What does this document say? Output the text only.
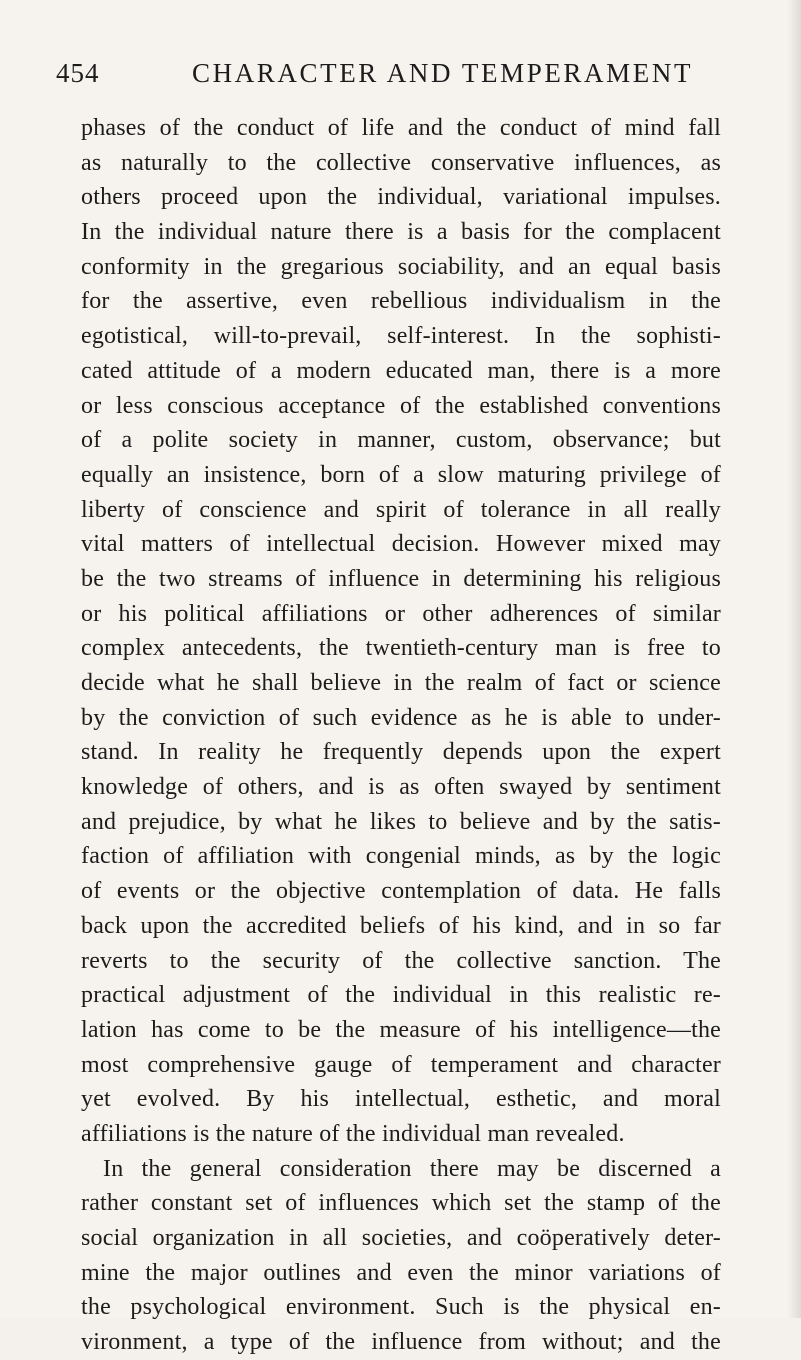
454	CHARACTER AND TEMPERAMENT
phases of the conduct of life and the conduct of mind fall
as naturally to the collective conservative influences, as
others proceed upon the individual, variational impulses.
In the individual nature there is a basis for the complacent
conformity in the gregarious sociability, and an equal basis
for the assertive, even rebellious individualism in the
egotistical, will-to-prevail, self-interest. In the sophisti-
cated attitude of a modern educated man, there is a more
or less conscious acceptance of the established conventions
of a polite society in manner, custom, observance; but
equally an insistence, born of a slow maturing privilege of
liberty of conscience and spirit of tolerance in all really
vital matters of intellectual decision. However mixed may
be the two streams of influence in determining his religious
or his political affiliations or other adherences of similar
complex antecedents, the twentieth-century man is free to
decide what he shall believe in the realm of fact or science
by the conviction of such evidence as he is able to under-
stand. In reality he frequently depends upon the expert
knowledge of others, and is as often swayed by sentiment
and prejudice, by what he likes to believe and by the satis-
faction of affiliation with congenial minds, as by the logic
of events or the objective contemplation of data. He falls
back upon the accredited beliefs of his kind, and in so far
reverts to the security of the collective sanction. The
practical adjustment of the individual in this realistic re-
lation has come to be the measure of his intelligence—the
most comprehensive gauge of temperament and character
yet evolved. By his intellectual, esthetic, and moral
affiliations is the nature of the individual man revealed.
In the general consideration there may be discerned a
rather constant set of influences which set the stamp of the
social organization in all societies, and coöperatively deter-
mine the major outlines and even the minor variations of
the psychological environment. Such is the physical en-
vironment, a type of the influence from without; and the
